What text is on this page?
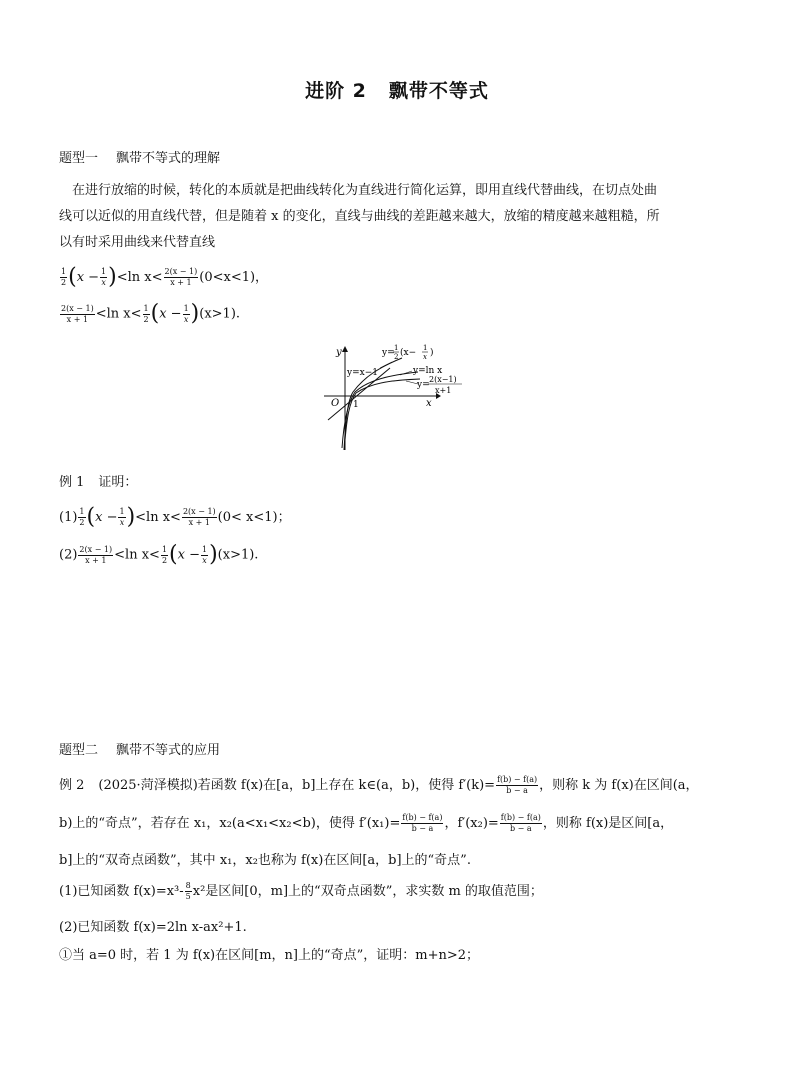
进阶 2 飘带不等式
题型一 飘带不等式的理解
在进行放缩的时候，转化的本质就是把曲线转化为直线进行简化运算，即用直线代替曲线，在切点处曲
线可以近似的用直线代替，但是随着 x 的变化，直线与曲线的差距越来越大，放缩的精度越来越粗糙，所
以有时采用曲线来代替直线
$\frac{1}{2} (x - \frac{1}{x} )<\ln$ $x< \frac{2(x - 1)}{x + 1} (0<x<1)$，
$\frac{2(x - 1)}{x + 1} <\ln$ $x< \frac{1}{2} (x - \frac{1}{x} )(x>1)$.
y
x
O 1
y=x−1
y= 1
2 (x− 1
x )
y=ln x
y=
2(x−1)
x+1
例 1 证明：
$(1) \frac{1}{2} (x - \frac{1}{x} )<\ln$ $x< \frac{2(x - 1)}{x + 1} (0< x<1)$；
$(2) \frac{2(x - 1)}{x + 1} <\ln$ $x< \frac{1}{2} (x - \frac{1}{x} )(x>1)$.
题型二 飘带不等式的应用
例 2 (2025·菏泽模拟)若函数 f(x)在[a，b]上存在 k∈(a，b)，使得 $f'(k)= \frac{f(b) - f(a)}{b - a}$ ，则称 k 为 f(x)在区间(a，
b)上的“奇点”，若存在 x₁，x₂(a<x₁<x₂<b)，使得 $f'(x_1)= \frac{f(b) - f(a)}{b - a}$ ，$f'(x_2)= \frac{f(b) - f(a)}{b - a}$ ，则称 f(x)是区间[a，
b]上的“双奇点函数”，其中 x₁，x₂也称为 f(x)在区间[a，b]上的“奇点”.
(1)已知函数 $f(x)=x^3- \frac{8}{5} x^2$是区间[0，m]上的“双奇点函数”，求实数 m 的取值范围；
(2)已知函数 f(x)=2ln x-ax²+1.
①当 a=0 时，若 1 为 f(x)在区间[m，n]上的“奇点”，证明：m+n>2；
